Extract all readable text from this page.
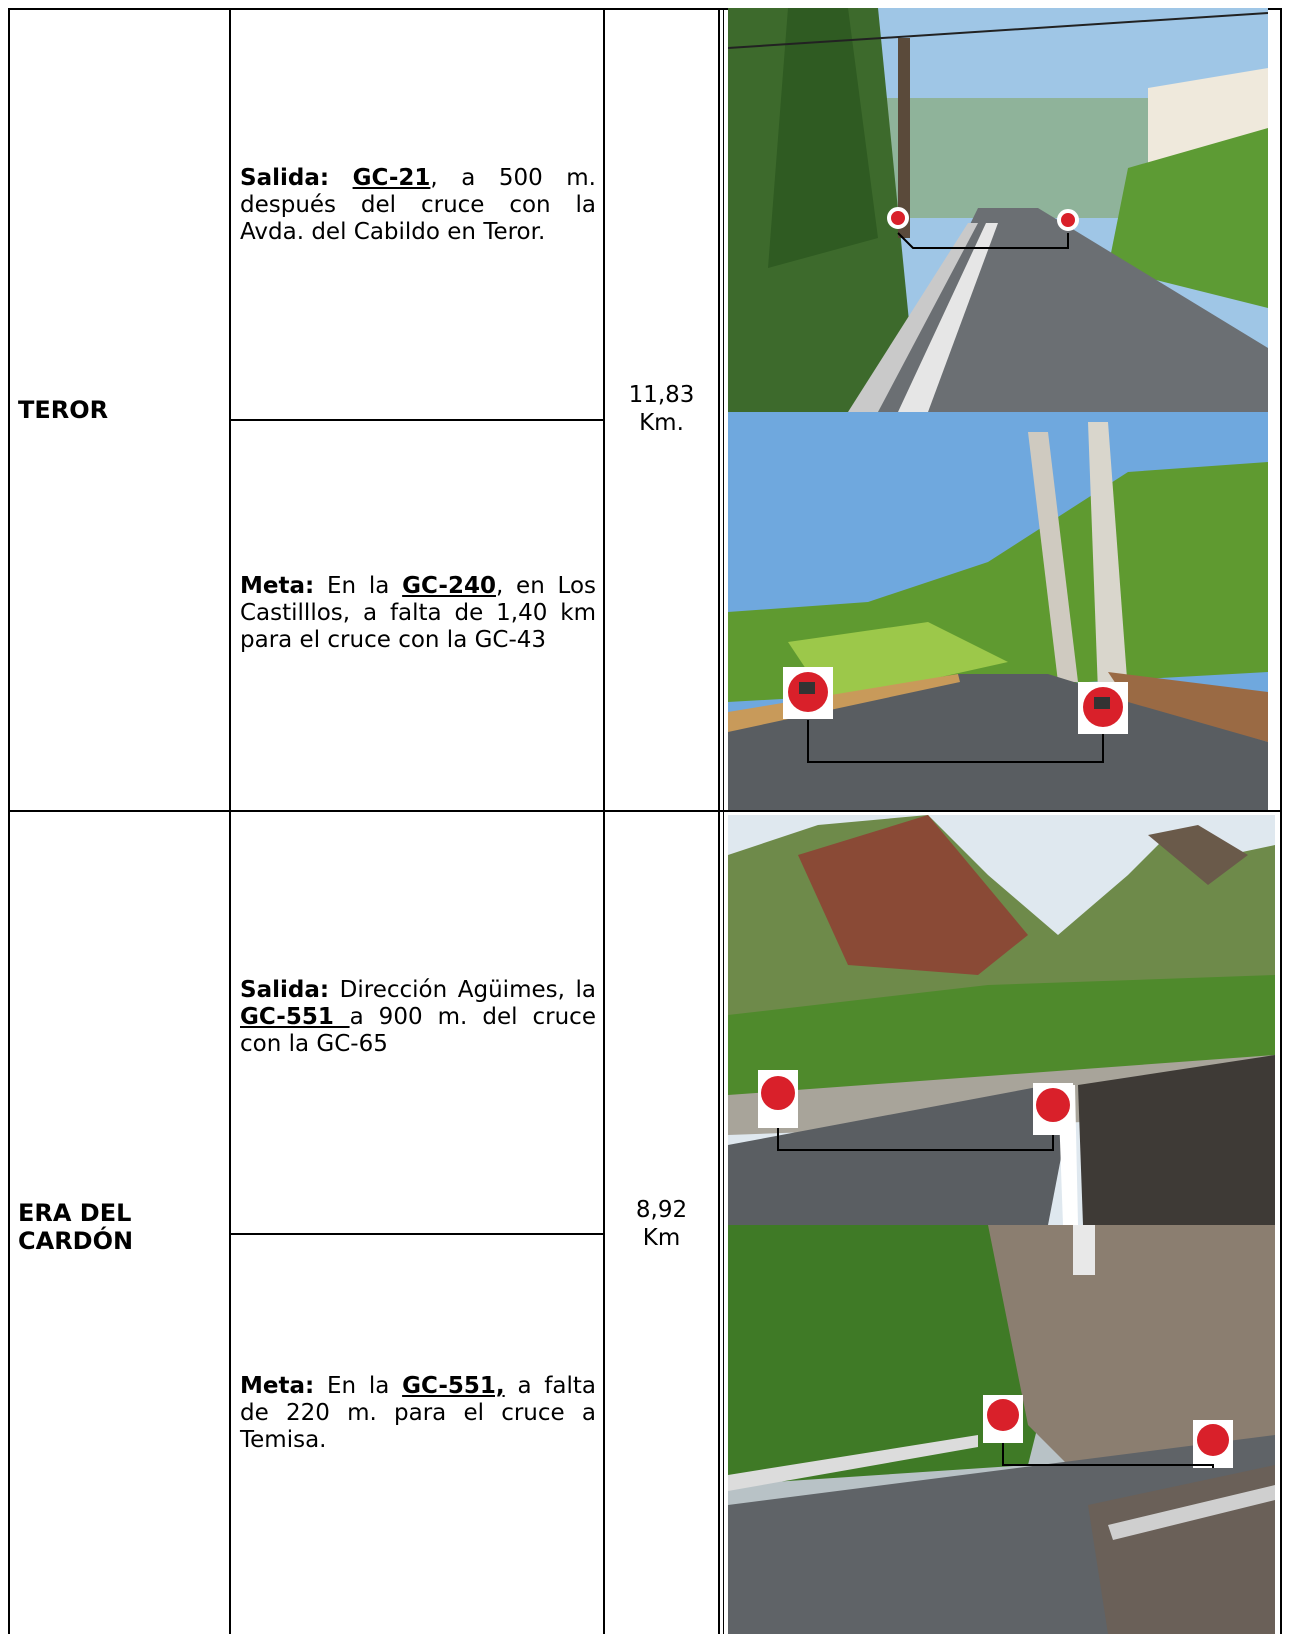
TEROR
Salida: GC-21, a 500 m. después del cruce con la Avda. del Cabildo en Teror.
Meta: En la GC-240, en Los Castilllos, a falta de 1,40 km para el cruce con la GC-43
11,83
Km.
ERA DEL
CARDÓN
Salida: Dirección Agüimes, la GC-551 a 900 m. del cruce con la GC-65
Meta: En la GC-551, a falta de 220 m. para el cruce a Temisa.
8,92
Km
